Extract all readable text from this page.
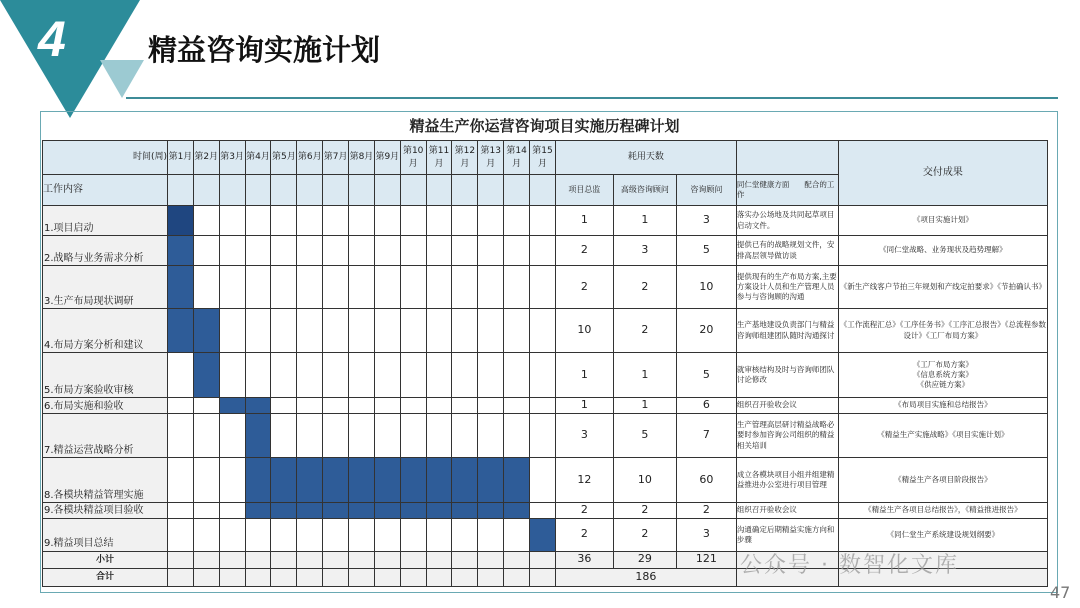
4	精益咨询实施计划
精益生产你运营咨询项目实施历程碑计划
时间(周)	第1月	第2月	第3月	第4月	第5月	第6月	第7月	第8月	第9月	第10月	第11月	第12月	第13月	第14月	第15月	耗用天数				交付成果
工作内容																项目总监	高级咨询顾问	咨询顾问	同仁堂健康方面　　配合的工作	
1.项目启动																1	1	3	落实办公场地及共同起草项目启动文件。	《项目实施计划》
2.战略与业务需求分析																2	3	5	提供已有的战略规划文件，安排高层领导做访谈	《同仁堂战略、业务现状及趋势理解》
3.生产布局现状调研																2	2	10	提供现有的生产布局方案,主要方案设计人员和生产管理人员参与与咨询顾的沟通	《新生产线客户节拍三年规划和产线定拍要求》《节拍确认书》
4.布局方案分析和建议																10	2	20	生产基地建设负责部门与精益咨询师组建团队随时沟通探讨	《工作流程汇总》《工序任务书》《工序汇总报告》《总流程参数设计》《工厂布局方案》
5.布局方案验收审核																1	1	5	就审核结构及时与咨询师团队讨论修改	《工厂布局方案》
《信息系统方案》
《供应链方案》
6.布局实施和验收																1	1	6	组织召开验收会议	《布局项目实施和总结报告》
7.精益运营战略分析																3	5	7	生产管理高层研讨精益战略必要时参加咨询公司组织的精益相关培训	《精益生产实施战略》《项目实施计划》
8.各模块精益管理实施																12	10	60	成立各模块项目小组并组建精益推进办公室进行项目管理	《精益生产各项目阶段报告》
9.各模块精益项目验收																2	2	2	组织召开验收会议	《精益生产各项目总结报告》，《精益推进报告》
9.精益项目总结																2	2	3	沟通确定后期精益实施方向和步骤	《同仁堂生产系统建设规划纲要》
小计																36	29	121		
合计																186					公众号 · 数智化文库
47
